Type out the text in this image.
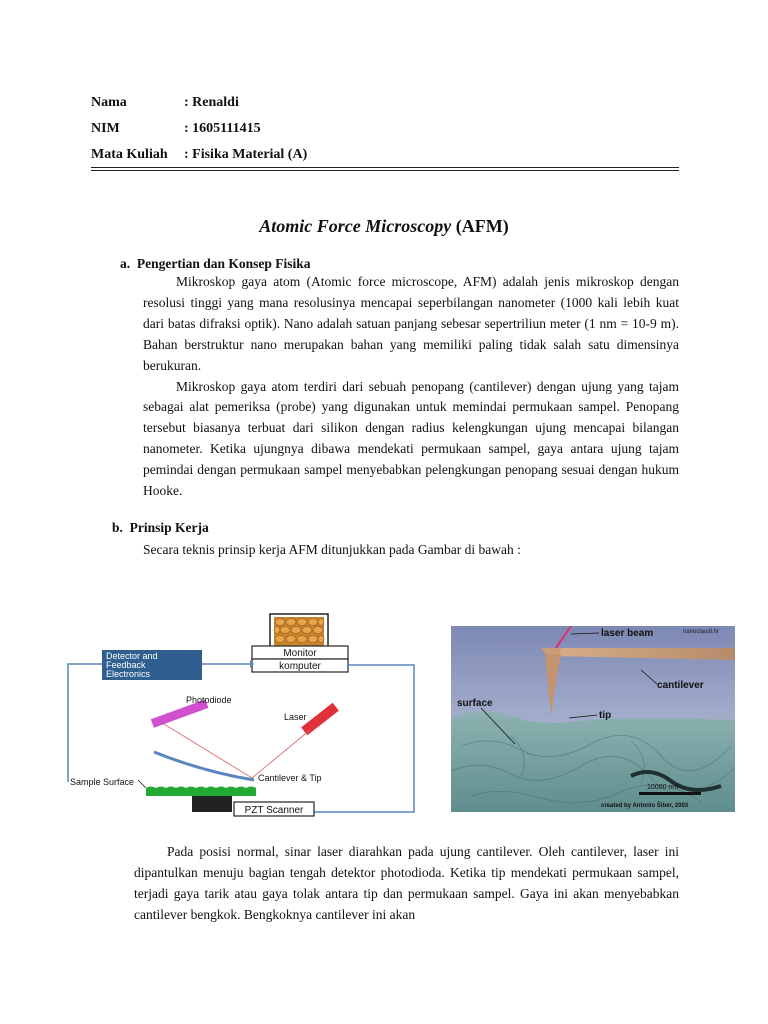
Nama	: Renaldi
NIM	: 1605111415
Mata Kuliah : Fisika Material (A)
Atomic Force Microscopy (AFM)
a.  Pengertian dan Konsep Fisika

Mikroskop gaya atom (Atomic force microscope, AFM) adalah jenis mikroskop dengan resolusi tinggi yang mana resolusinya mencapai seperbilangan nanometer (1000 kali lebih kuat dari batas difraksi optik). Nano adalah satuan panjang sebesar sepertriliun meter (1 nm = 10-9 m). Bahan berstruktur nano merupakan bahan yang memiliki paling tidak salah satu dimensinya berukuran.

Mikroskop gaya atom terdiri dari sebuah penopang (cantilever) dengan ujung yang tajam sebagai alat pemeriksa (probe) yang digunakan untuk memindai permukaan sampel. Penopang tersebut biasanya terbuat dari silikon dengan radius kelengkungan ujung mencapai bilangan nanometer. Ketika ujungnya dibawa mendekati permukaan sampel, gaya antara ujung tajam pemindai dengan permukaan sampel menyebabkan pelengkungan penopang sesuai dengan hukum Hooke.

b.  Prinsip Kerja

Secara teknis prinsip kerja AFM ditunjukkan pada Gambar di bawah :

Monitor
komputer
Detector and
Feedback
Electronics
Photodiode
Laser
Cantilever & Tip
Sample Surface
PZT Scanner
laser beam	nanoclaudi.hr
cantilever
surface
tip
10000 nm
created by Antonio Šiber, 2003

Pada posisi normal, sinar laser diarahkan pada ujung cantilever. Oleh cantilever, laser ini dipantulkan menuju bagian tengah detektor photodioda. Ketika tip mendekati permukaan sampel, terjadi gaya tarik atau gaya tolak antara tip dan permukaan sampel. Gaya ini akan menyebabkan cantilever bengkok. Bengkoknya cantilever ini akan
